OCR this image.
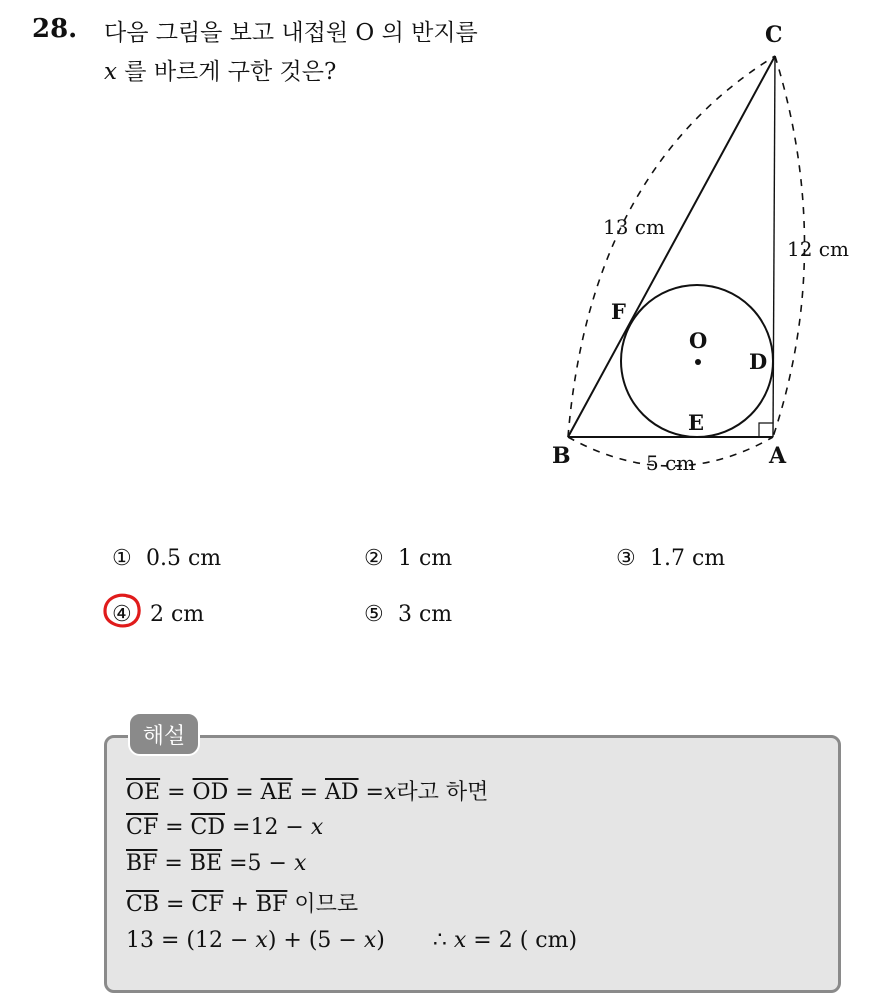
28. 다음 그림을 보고 내접원 O 의 반지름
x 를 바르게 구한 것은?
C
B	A
F
O
D
E
13 cm
12 cm
5 cm
① 0.5 cm	② 1 cm	③ 1.7 cm
④ 2 cm	⑤ 3 cm
해설
$\overline{OE} = \overline{OD} = \overline{AE} = \overline{AD} =x$라고 하면
$\overline{CF} = \overline{CD} =12 - x$
$\overline{BF} = \overline{BE} =5 - x$
$\overline{CB} = \overline{CF} + \overline{BF}$ 이므로
13 = (12 − x) + (5 − x) ∴ x = 2 ( cm)
